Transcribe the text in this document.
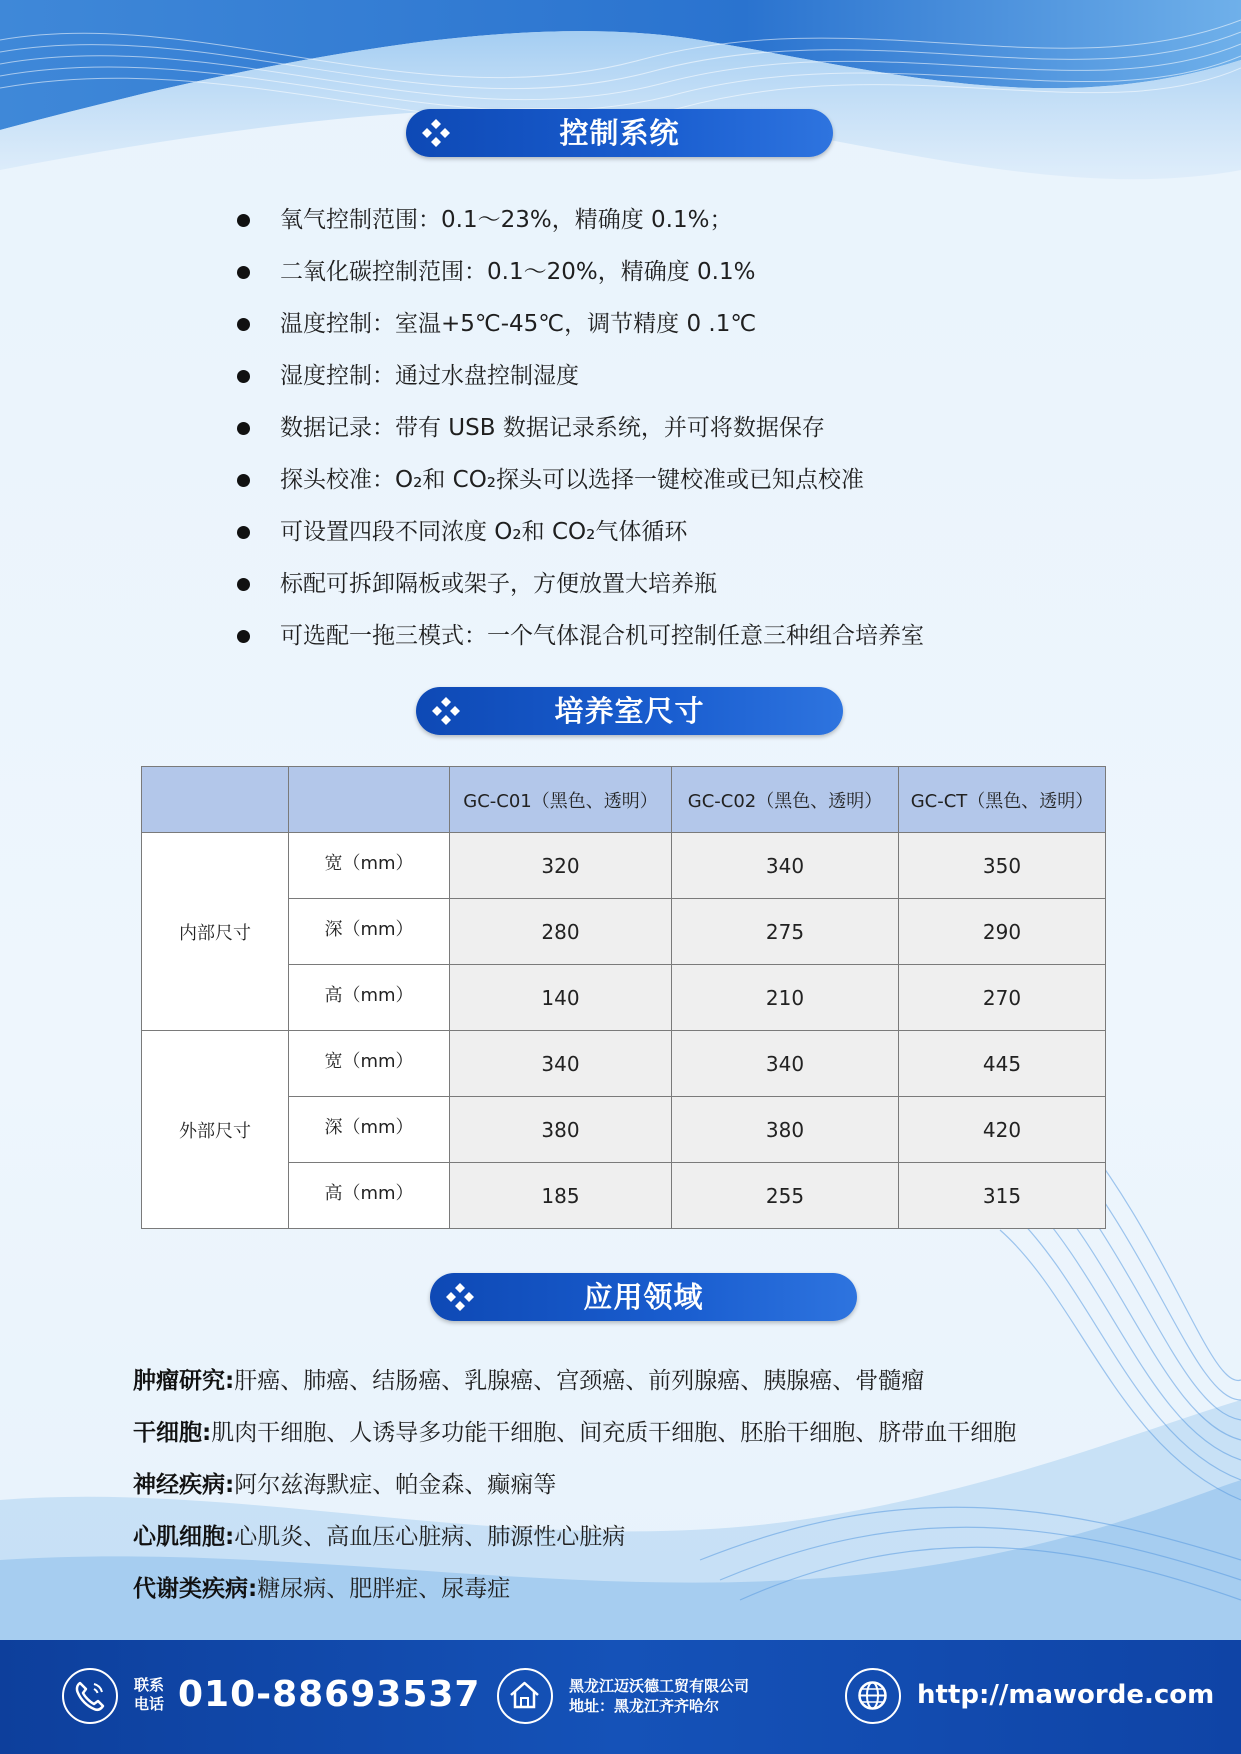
控制系统
氧气控制范围：0.1～23%，精确度 0.1%；
二氧化碳控制范围：0.1～20%，精确度 0.1%
温度控制：室温+5℃-45℃，调节精度 0 .1℃
湿度控制：通过水盘控制湿度
数据记录：带有 USB 数据记录系统，并可将数据保存
探头校准：O₂和 CO₂探头可以选择一键校准或已知点校准
可设置四段不同浓度 O₂和 CO₂气体循环
标配可拆卸隔板或架子，方便放置大培养瓶
可选配一拖三模式：一个气体混合机可控制任意三种组合培养室
培养室尺寸
		GC-C01（黑色、透明）	GC-C02（黑色、透明）	GC-CT（黑色、透明）
内部尺寸	宽（mm）	320	340	350
	深（mm）	280	275	290
	高（mm）	140	210	270
外部尺寸	宽（mm）	340	340	445
	深（mm）	380	380	420
	高（mm）	185	255	315
应用领域
肿瘤研究:肝癌、肺癌、结肠癌、乳腺癌、宫颈癌、前列腺癌、胰腺癌、骨髓瘤
干细胞:肌肉干细胞、人诱导多功能干细胞、间充质干细胞、胚胎干细胞、脐带血干细胞
神经疾病:阿尔兹海默症、帕金森、癫痫等
心肌细胞:心肌炎、高血压心脏病、肺源性心脏病
代谢类疾病:糖尿病、肥胖症、尿毒症
联系
电话 010-88693537	黑龙江迈沃德工贸有限公司
地址：黑龙江齐齐哈尔	http://maworde.com
